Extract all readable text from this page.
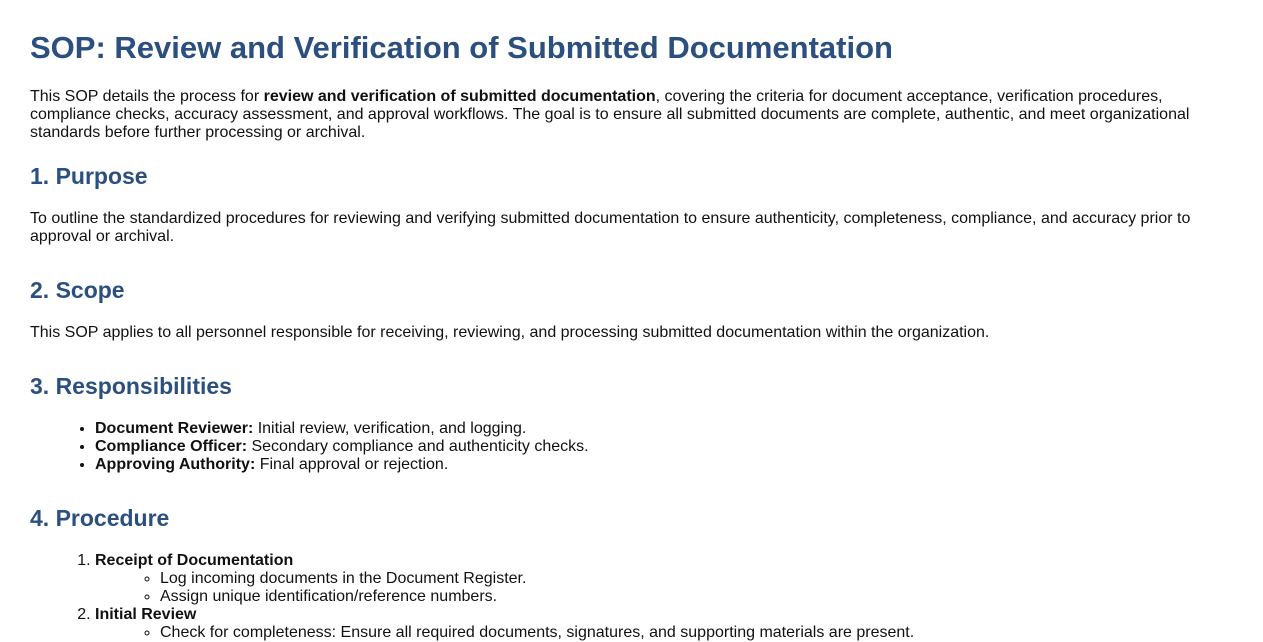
SOP: Review and Verification of Submitted Documentation

This SOP details the process for review and verification of submitted documentation, covering the criteria for document acceptance, verification procedures, compliance checks, accuracy assessment, and approval workflows. The goal is to ensure all submitted documents are complete, authentic, and meet organizational standards before further processing or archival.

1. Purpose

To outline the standardized procedures for reviewing and verifying submitted documentation to ensure authenticity, completeness, compliance, and accuracy prior to approval or archival.

2. Scope

This SOP applies to all personnel responsible for receiving, reviewing, and processing submitted documentation within the organization.

3. Responsibilities
• Document Reviewer: Initial review, verification, and logging.
• Compliance Officer: Secondary compliance and authenticity checks.
• Approving Authority: Final approval or rejection.
4. Procedure
1. Receipt of Documentation
◦ Log incoming documents in the Document Register.
◦ Assign unique identification/reference numbers.
2. Initial Review
◦ Check for completeness: Ensure all required documents, signatures, and supporting materials are present.
